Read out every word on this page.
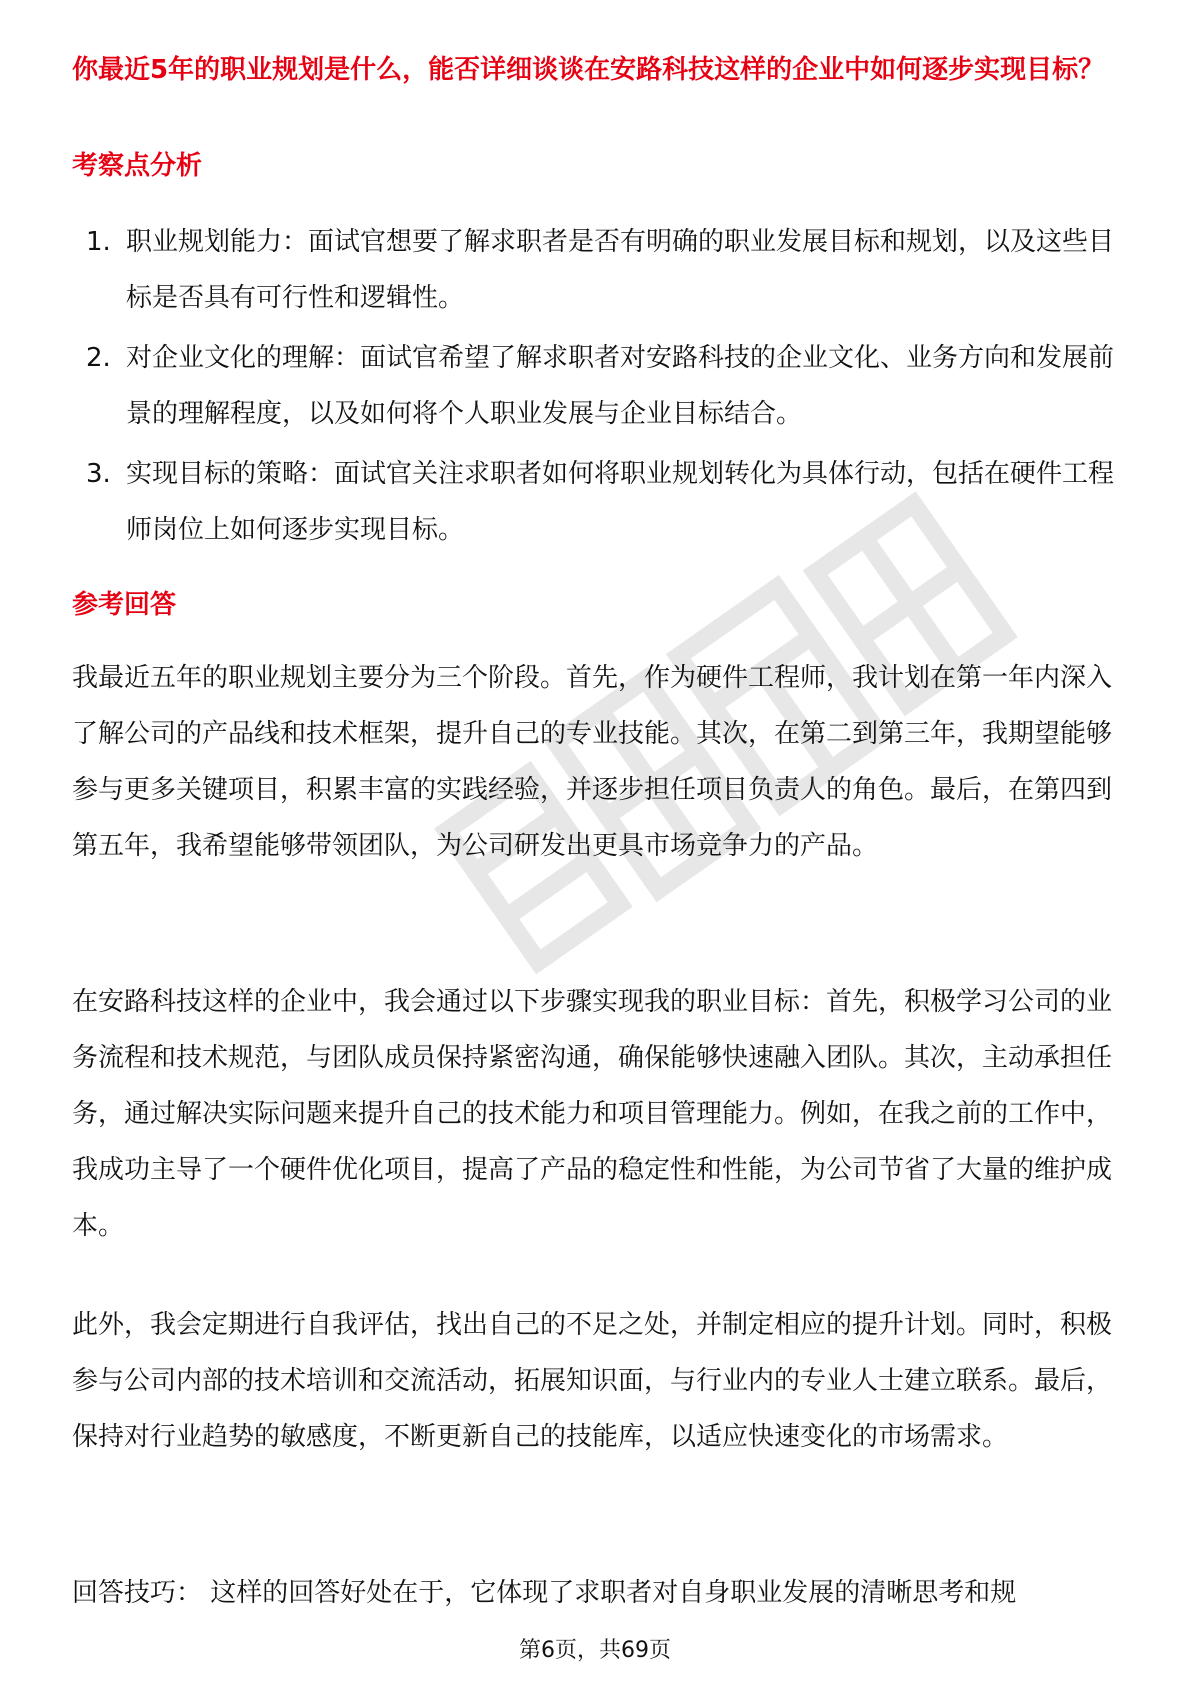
你最近5年的职业规划是什么，能否详细谈谈在安路科技这样的企业中如何逐步实现目标？
考察点分析
1. 职业规划能力：面试官想要了解求职者是否有明确的职业发展目标和规划，以及这些目标是否具有可行性和逻辑性。
2. 对企业文化的理解：面试官希望了解求职者对安路科技的企业文化、业务方向和发展前景的理解程度，以及如何将个人职业发展与企业目标结合。
3. 实现目标的策略：面试官关注求职者如何将职业规划转化为具体行动，包括在硬件工程师岗位上如何逐步实现目标。
参考回答

我最近五年的职业规划主要分为三个阶段。首先，作为硬件工程师，我计划在第一年内深入了解公司的产品线和技术框架，提升自己的专业技能。其次，在第二到第三年，我期望能够参与更多关键项目，积累丰富的实践经验，并逐步担任项目负责人的角色。最后，在第四到第五年，我希望能够带领团队，为公司研发出更具市场竞争力的产品。

在安路科技这样的企业中，我会通过以下步骤实现我的职业目标：首先，积极学习公司的业务流程和技术规范，与团队成员保持紧密沟通，确保能够快速融入团队。其次，主动承担任务，通过解决实际问题来提升自己的技术能力和项目管理能力。例如，在我之前的工作中，我成功主导了一个硬件优化项目，提高了产品的稳定性和性能，为公司节省了大量的维护成本。

此外，我会定期进行自我评估，找出自己的不足之处，并制定相应的提升计划。同时，积极参与公司内部的技术培训和交流活动，拓展知识面，与行业内的专业人士建立联系。最后，保持对行业趋势的敏感度，不断更新自己的技能库，以适应快速变化的市场需求。

回答技巧： 这样的回答好处在于，它体现了求职者对自身职业发展的清晰思考和规

第6页，共69页
